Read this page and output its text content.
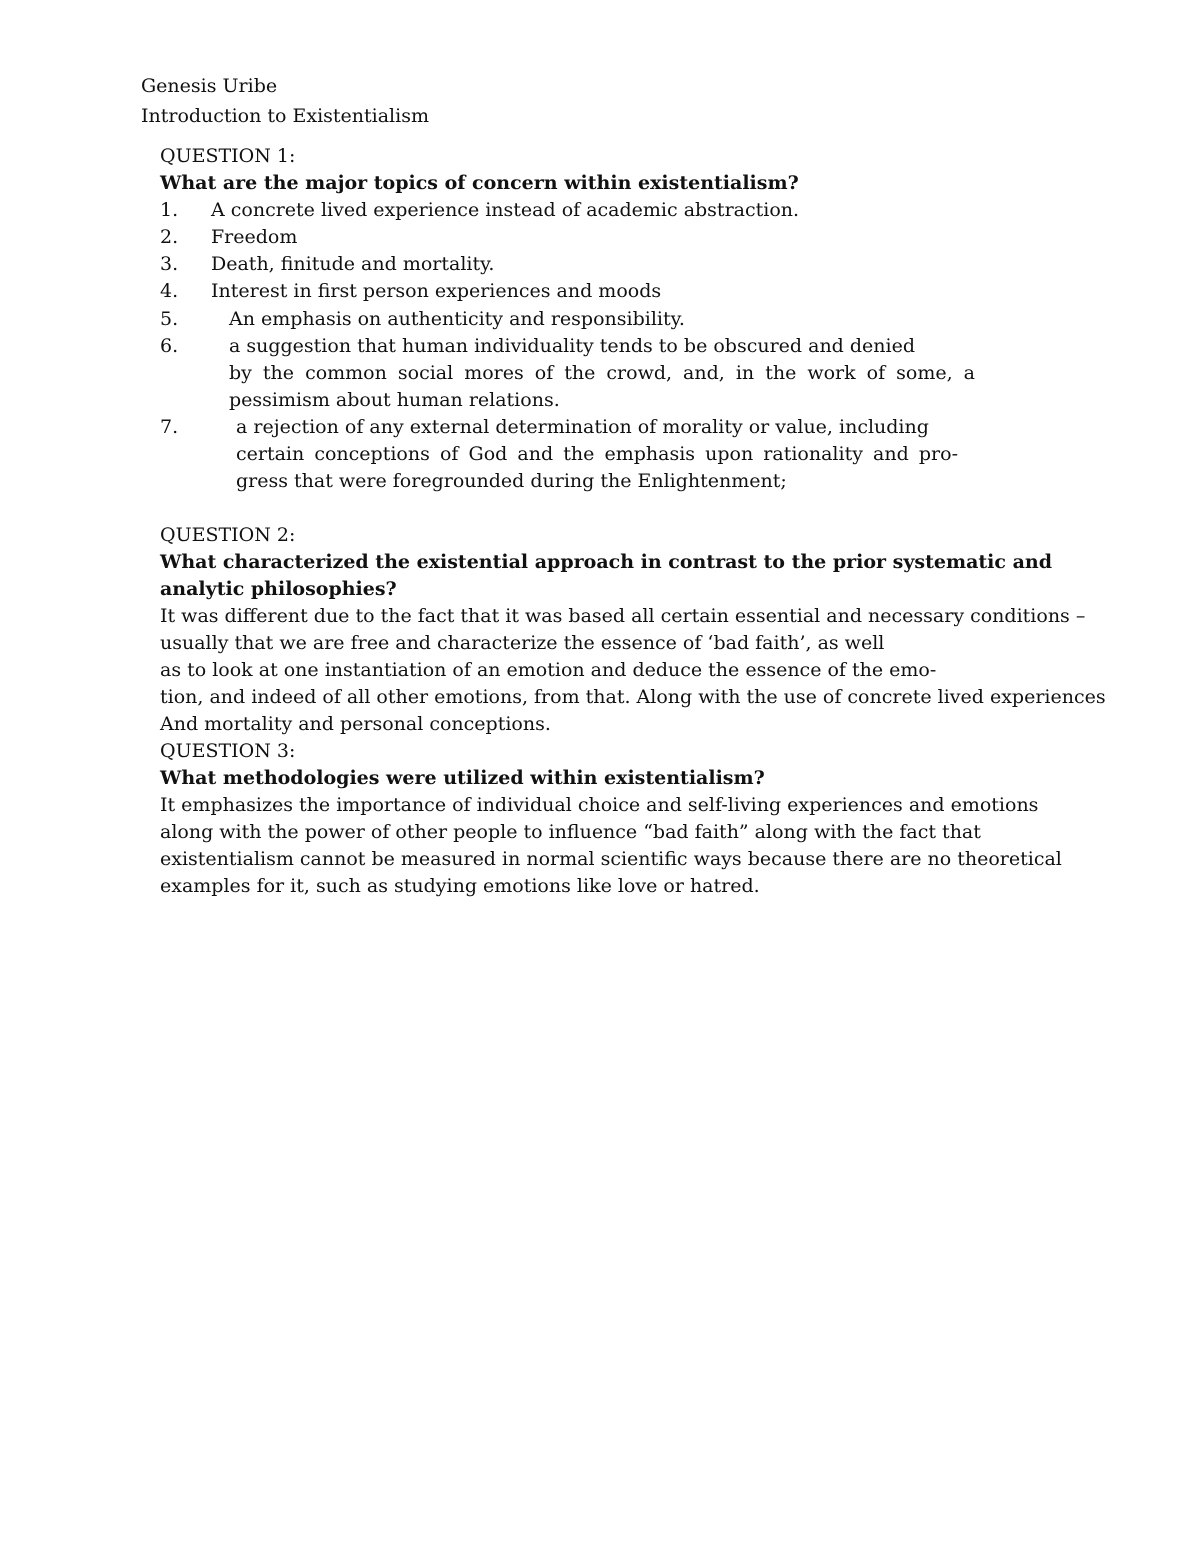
Genesis Uribe
Introduction to Existentialism
QUESTION 1:
What are the major topics of concern within existentialism?
1. A concrete lived experience instead of academic abstraction.
2. Freedom
3. Death, finitude and mortality.
4. Interest in first person experiences and moods
5.	An emphasis on authenticity and responsibility.
6.	a suggestion that human individuality tends to be obscured and denied
by the common social mores of the crowd, and, in the work of some, a
pessimism about human relations.
7.	a rejection of any external determination of morality or value, including
certain conceptions of God and the emphasis upon rationality and pro-
gress that were foregrounded during the Enlightenment;
QUESTION 2:
What characterized the existential approach in contrast to the prior systematic and
analytic philosophies?
It was different due to the fact that it was based all certain essential and necessary conditions –
usually that we are free and characterize the essence of ‘bad faith’, as well
as to look at one instantiation of an emotion and deduce the essence of the emo-
tion, and indeed of all other emotions, from that. Along with the use of concrete lived experiences
And mortality and personal conceptions.
QUESTION 3:
What methodologies were utilized within existentialism?
It emphasizes the importance of individual choice and self-living experiences and emotions
along with the power of other people to influence “bad faith” along with the fact that
existentialism cannot be measured in normal scientific ways because there are no theoretical
examples for it, such as studying emotions like love or hatred.
